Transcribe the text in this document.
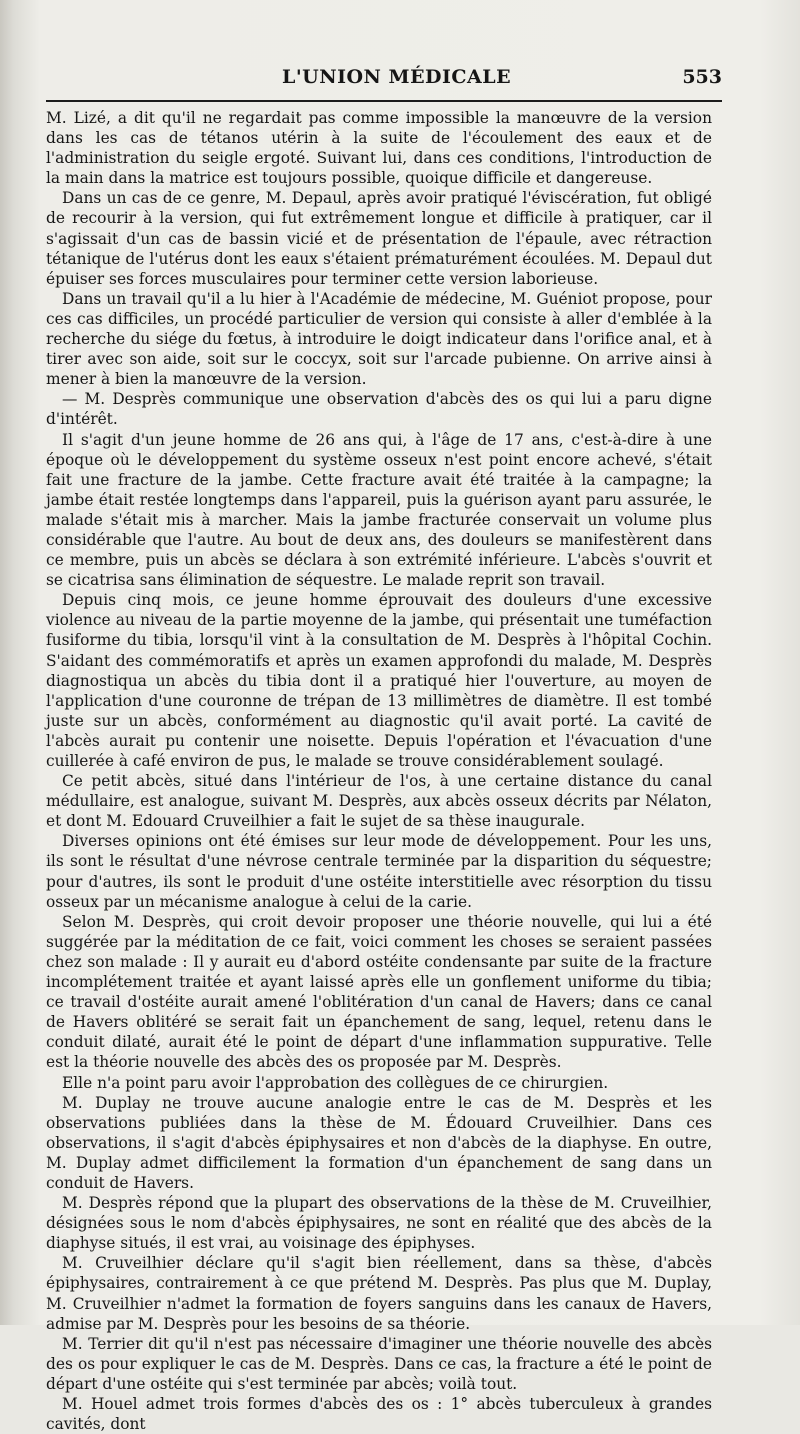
L'UNION MÉDICALE	553

M. Lizé, a dit qu'il ne regardait pas comme impossible la manœuvre de la version dans les cas de tétanos utérin à la suite de l'écoulement des eaux et de l'administration du seigle ergoté. Suivant lui, dans ces conditions, l'introduction de la main dans la matrice est toujours possible, quoique difficile et dangereuse.

Dans un cas de ce genre, M. Depaul, après avoir pratiqué l'éviscération, fut obligé de recourir à la version, qui fut extrêmement longue et difficile à pratiquer, car il s'agissait d'un cas de bassin vicié et de présentation de l'épaule, avec rétraction tétanique de l'utérus dont les eaux s'étaient prématurément écoulées. M. Depaul dut épuiser ses forces musculaires pour terminer cette version laborieuse.

Dans un travail qu'il a lu hier à l'Académie de médecine, M. Guéniot propose, pour ces cas difficiles, un procédé particulier de version qui consiste à aller d'emblée à la recherche du siége du fœtus, à introduire le doigt indicateur dans l'orifice anal, et à tirer avec son aide, soit sur le coccyx, soit sur l'arcade pubienne. On arrive ainsi à mener à bien la manœuvre de la version.

— M. Desprès communique une observation d'abcès des os qui lui a paru digne d'intérêt.

Il s'agit d'un jeune homme de 26 ans qui, à l'âge de 17 ans, c'est-à-dire à une époque où le développement du système osseux n'est point encore achevé, s'était fait une fracture de la jambe. Cette fracture avait été traitée à la campagne; la jambe était restée longtemps dans l'appareil, puis la guérison ayant paru assurée, le malade s'était mis à marcher. Mais la jambe fracturée conservait un volume plus considérable que l'autre. Au bout de deux ans, des douleurs se manifestèrent dans ce membre, puis un abcès se déclara à son extrémité inférieure. L'abcès s'ouvrit et se cicatrisa sans élimination de séquestre. Le malade reprit son travail.

Depuis cinq mois, ce jeune homme éprouvait des douleurs d'une excessive violence au niveau de la partie moyenne de la jambe, qui présentait une tuméfaction fusiforme du tibia, lorsqu'il vint à la consultation de M. Desprès à l'hôpital Cochin. S'aidant des commémoratifs et après un examen approfondi du malade, M. Desprès diagnostiqua un abcès du tibia dont il a pratiqué hier l'ouverture, au moyen de l'application d'une couronne de trépan de 13 millimètres de diamètre. Il est tombé juste sur un abcès, conformément au diagnostic qu'il avait porté. La cavité de l'abcès aurait pu contenir une noisette. Depuis l'opération et l'évacuation d'une cuillerée à café environ de pus, le malade se trouve considérablement soulagé.

Ce petit abcès, situé dans l'intérieur de l'os, à une certaine distance du canal médullaire, est analogue, suivant M. Desprès, aux abcès osseux décrits par Nélaton, et dont M. Edouard Cruveilhier a fait le sujet de sa thèse inaugurale.

Diverses opinions ont été émises sur leur mode de développement. Pour les uns, ils sont le résultat d'une névrose centrale terminée par la disparition du séquestre; pour d'autres, ils sont le produit d'une ostéite interstitielle avec résorption du tissu osseux par un mécanisme analogue à celui de la carie.

Selon M. Desprès, qui croit devoir proposer une théorie nouvelle, qui lui a été suggérée par la méditation de ce fait, voici comment les choses se seraient passées chez son malade : Il y aurait eu d'abord ostéite condensante par suite de la fracture incomplétement traitée et ayant laissé après elle un gonflement uniforme du tibia; ce travail d'ostéite aurait amené l'oblitération d'un canal de Havers; dans ce canal de Havers oblitéré se serait fait un épanchement de sang, lequel, retenu dans le conduit dilaté, aurait été le point de départ d'une inflammation suppurative. Telle est la théorie nouvelle des abcès des os proposée par M. Desprès.

Elle n'a point paru avoir l'approbation des collègues de ce chirurgien.

M. Duplay ne trouve aucune analogie entre le cas de M. Desprès et les observations publiées dans la thèse de M. Édouard Cruveilhier. Dans ces observations, il s'agit d'abcès épiphysaires et non d'abcès de la diaphyse. En outre, M. Duplay admet difficilement la formation d'un épanchement de sang dans un conduit de Havers.

M. Desprès répond que la plupart des observations de la thèse de M. Cruveilhier, désignées sous le nom d'abcès épiphysaires, ne sont en réalité que des abcès de la diaphyse situés, il est vrai, au voisinage des épiphyses.

M. Cruveilhier déclare qu'il s'agit bien réellement, dans sa thèse, d'abcès épiphysaires, contrairement à ce que prétend M. Desprès. Pas plus que M. Duplay, M. Cruveilhier n'admet la formation de foyers sanguins dans les canaux de Havers, admise par M. Desprès pour les besoins de sa théorie.

M. Terrier dit qu'il n'est pas nécessaire d'imaginer une théorie nouvelle des abcès des os pour expliquer le cas de M. Desprès. Dans ce cas, la fracture a été le point de départ d'une ostéite qui s'est terminée par abcès; voilà tout.

M. Houel admet trois formes d'abcès des os : 1° abcès tuberculeux à grandes cavités, dont
